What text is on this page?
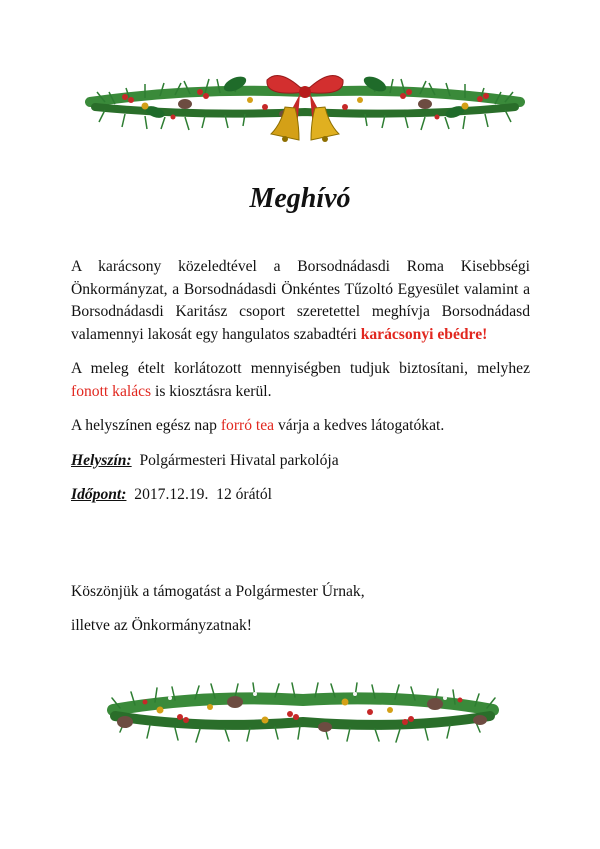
Meghívó

A karácsony közeledtével a Borsodnádasdi Roma Kisebbségi Önkormányzat, a Borsodnádasdi Önkéntes Tűzoltó Egyesület valamint a Borsodnádasdi Karitász csoport szeretettel meghívja Borsodnádasd valamennyi lakosát egy hangulatos szabadtéri karácsonyi ebédre!

A meleg ételt korlátozott mennyiségben tudjuk biztosítani, melyhez fonott kalács is kiosztásra kerül.

A helyszínen egész nap forró tea várja a kedves látogatókat.

Helyszín: Polgármesteri Hivatal parkolója

Időpont: 2017.12.19. 12 órától

Köszönjük a támogatást a Polgármester Úrnak,

illetve az Önkormányzatnak!
